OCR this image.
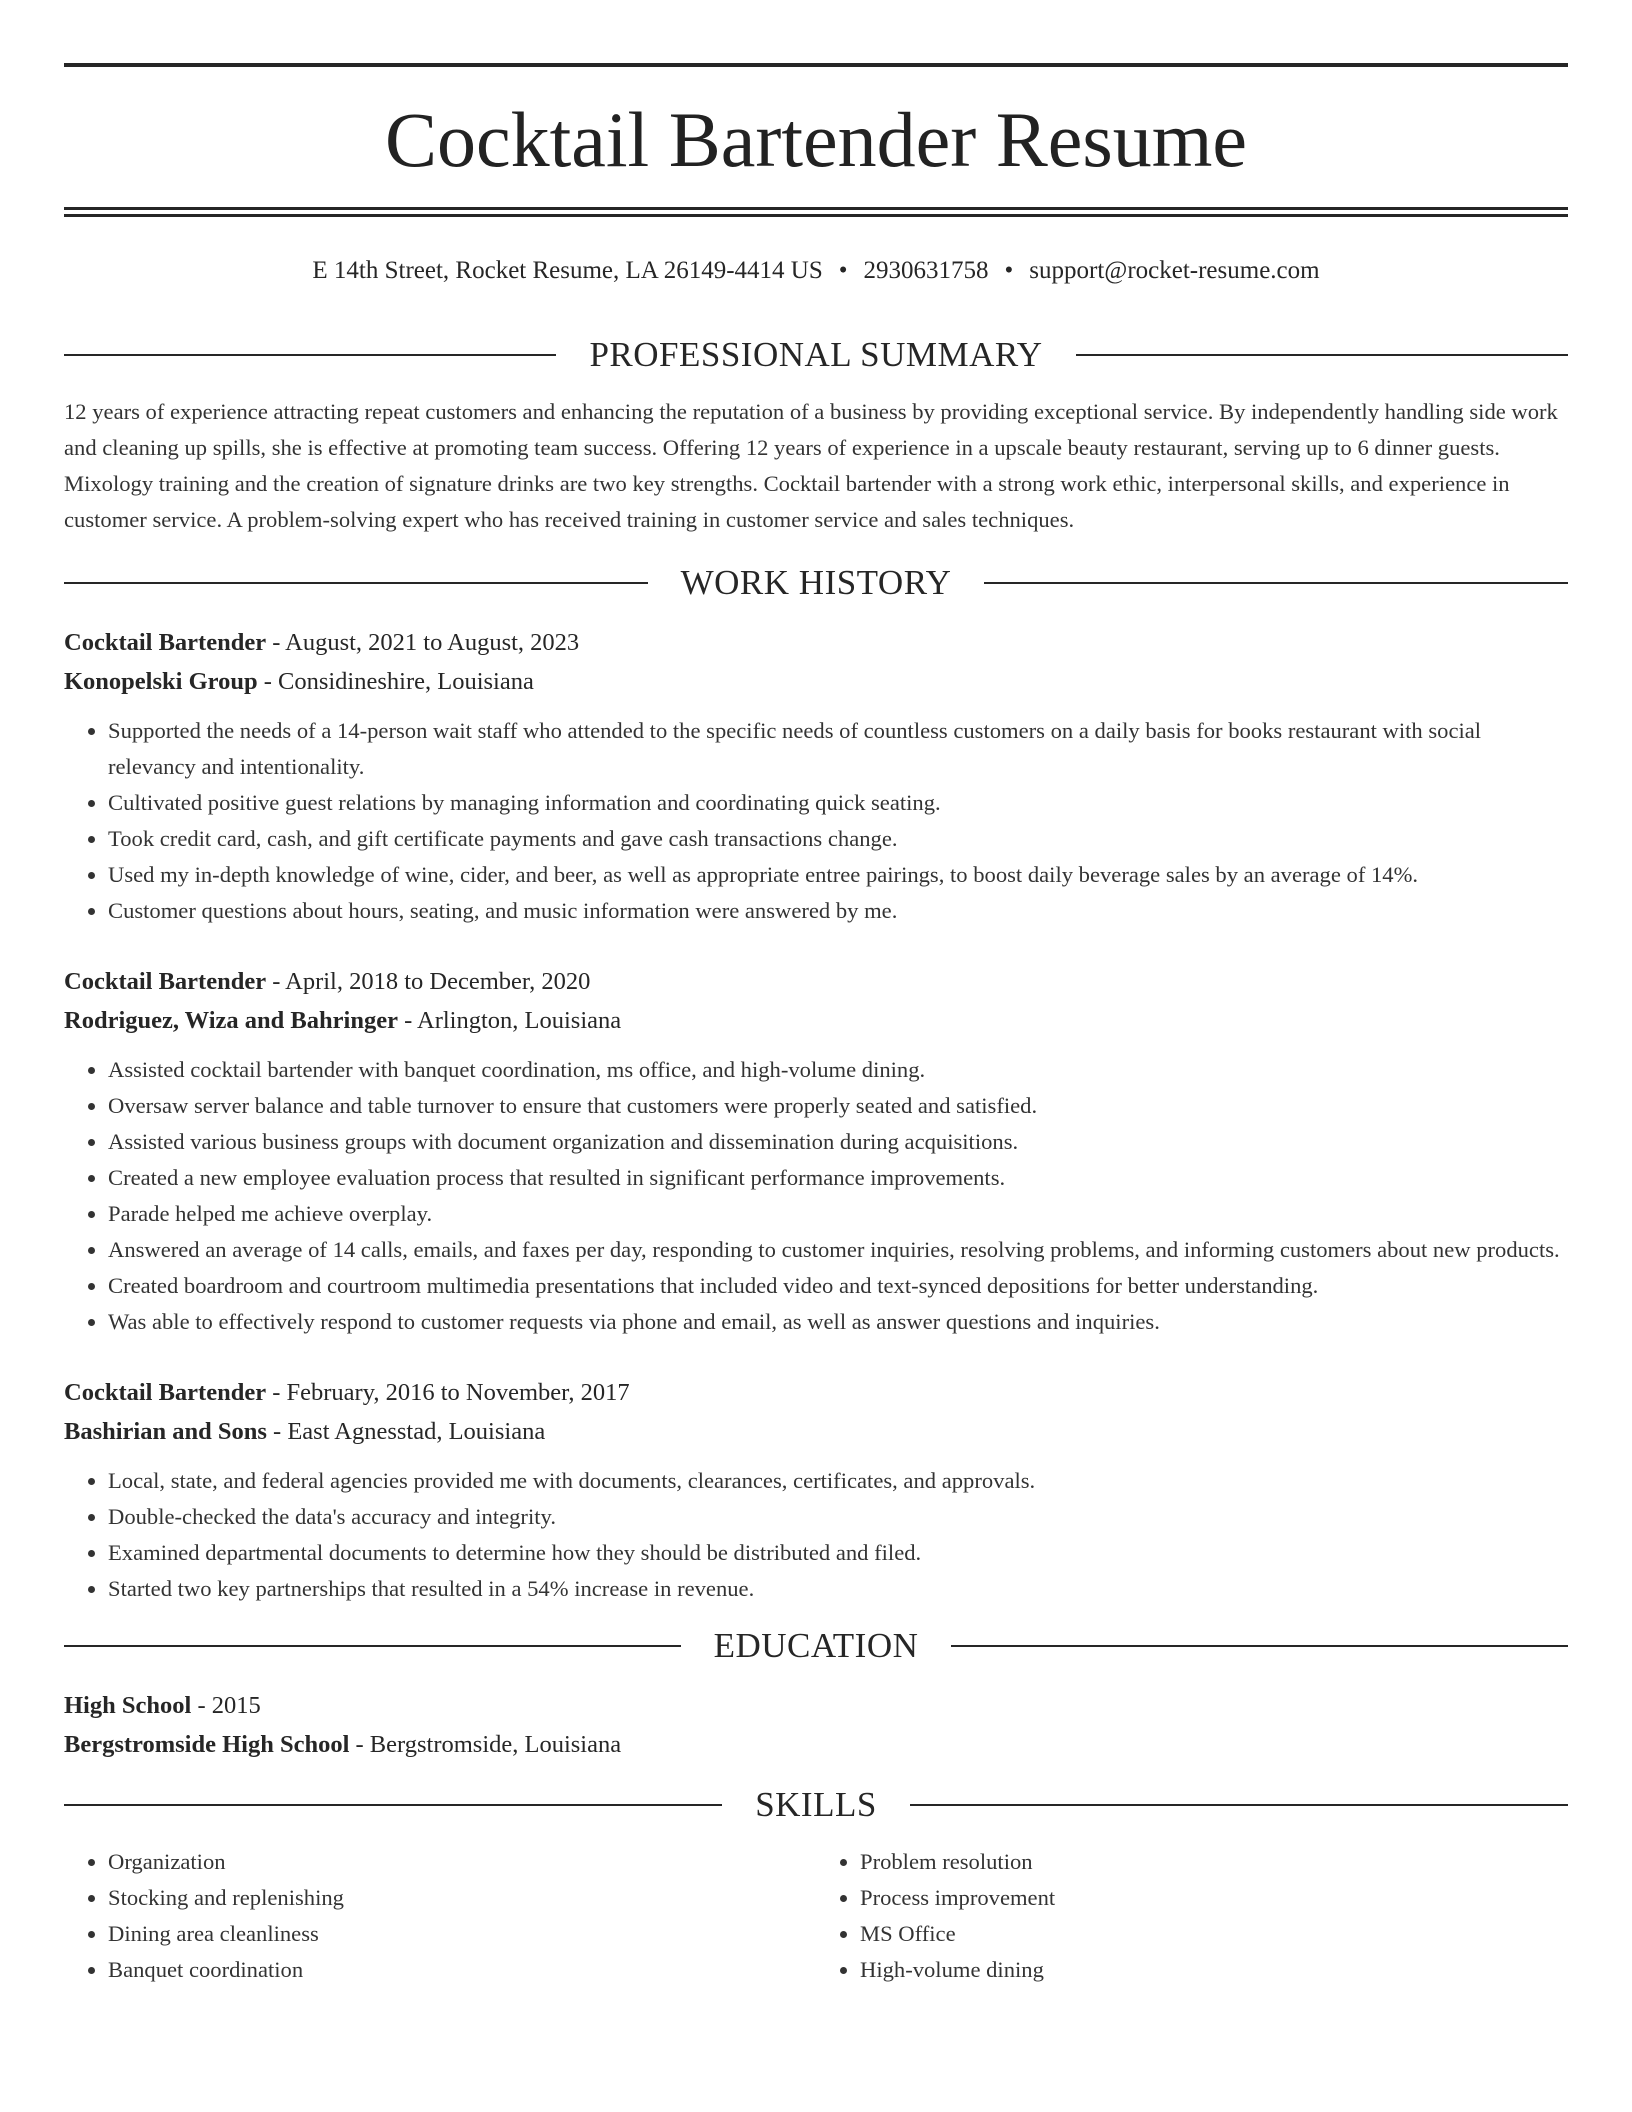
Cocktail Bartender Resume
E 14th Street, Rocket Resume, LA 26149-4414 US • 2930631758 • support@rocket-resume.com
PROFESSIONAL SUMMARY

12 years of experience attracting repeat customers and enhancing the reputation of a business by providing exceptional service. By independently handling side work and cleaning up spills, she is effective at promoting team success. Offering 12 years of experience in a upscale beauty restaurant, serving up to 6 dinner guests. Mixology training and the creation of signature drinks are two key strengths. Cocktail bartender with a strong work ethic, interpersonal skills, and experience in customer service. A problem-solving expert who has received training in customer service and sales techniques.

WORK HISTORY
Cocktail Bartender - August, 2021 to August, 2023
Konopelski Group - Considineshire, Louisiana
• Supported the needs of a 14-person wait staff who attended to the specific needs of countless customers on a daily basis for books restaurant with social relevancy and intentionality.
• Cultivated positive guest relations by managing information and coordinating quick seating.
• Took credit card, cash, and gift certificate payments and gave cash transactions change.
• Used my in-depth knowledge of wine, cider, and beer, as well as appropriate entree pairings, to boost daily beverage sales by an average of 14%.
• Customer questions about hours, seating, and music information were answered by me.
Cocktail Bartender - April, 2018 to December, 2020
Rodriguez, Wiza and Bahringer - Arlington, Louisiana
• Assisted cocktail bartender with banquet coordination, ms office, and high-volume dining.
• Oversaw server balance and table turnover to ensure that customers were properly seated and satisfied.
• Assisted various business groups with document organization and dissemination during acquisitions.
• Created a new employee evaluation process that resulted in significant performance improvements.
• Parade helped me achieve overplay.
• Answered an average of 14 calls, emails, and faxes per day, responding to customer inquiries, resolving problems, and informing customers about new products.
• Created boardroom and courtroom multimedia presentations that included video and text-synced depositions for better understanding.
• Was able to effectively respond to customer requests via phone and email, as well as answer questions and inquiries.
Cocktail Bartender - February, 2016 to November, 2017
Bashirian and Sons - East Agnesstad, Louisiana
• Local, state, and federal agencies provided me with documents, clearances, certificates, and approvals.
• Double-checked the data's accuracy and integrity.
• Examined departmental documents to determine how they should be distributed and filed.
• Started two key partnerships that resulted in a 54% increase in revenue.
EDUCATION
High School - 2015
Bergstromside High School - Bergstromside, Louisiana
SKILLS
• Organization
• Stocking and replenishing
• Dining area cleanliness
• Banquet coordination
• Problem resolution
• Process improvement
• MS Office
• High-volume dining
